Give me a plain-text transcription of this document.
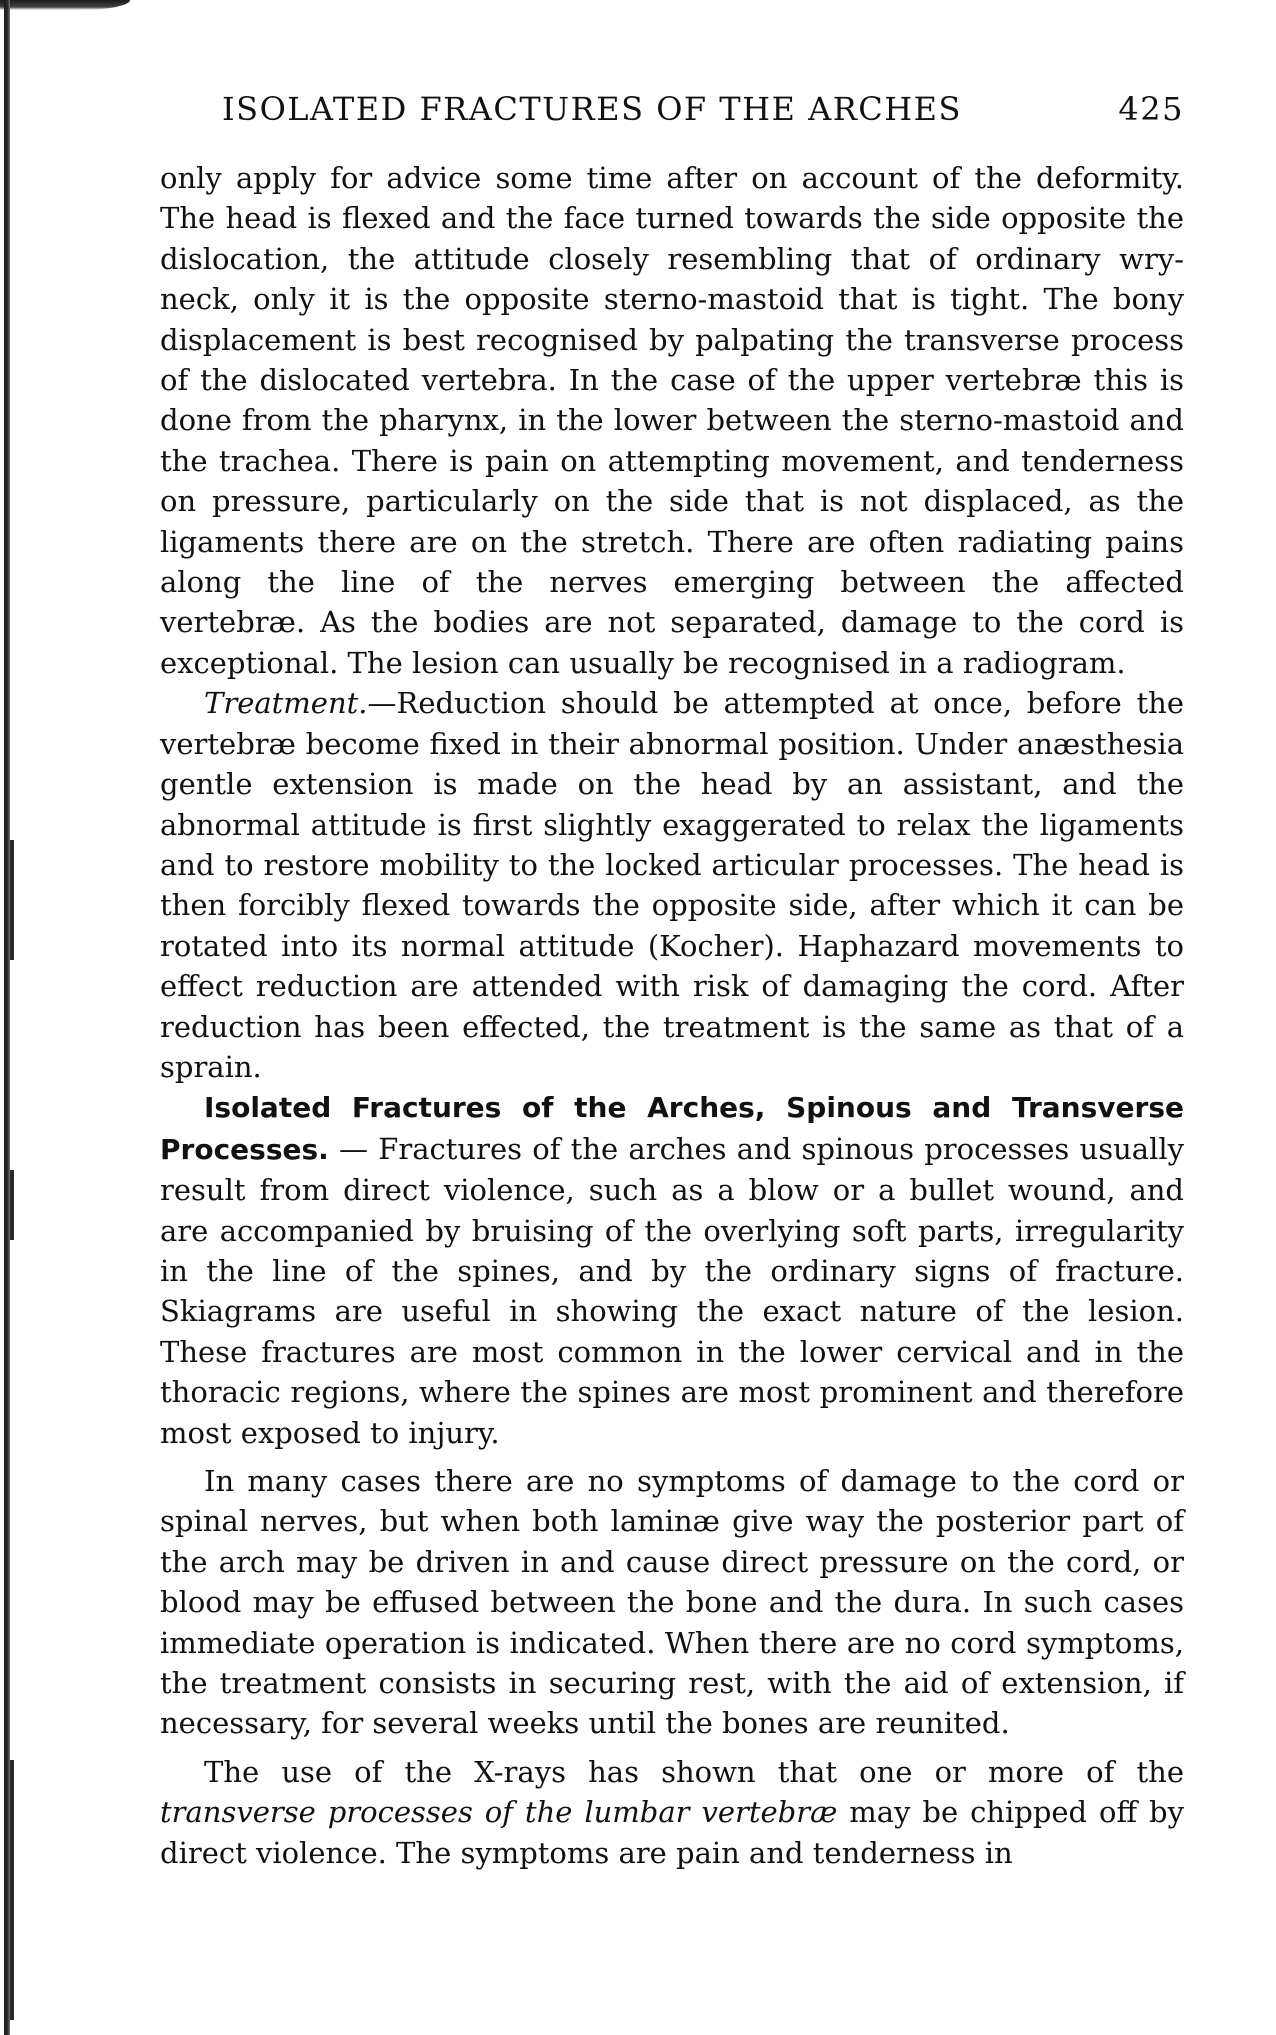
ISOLATED FRACTURES OF THE ARCHES	425

only apply for advice some time after on account of the deformity. The head is flexed and the face turned towards the side opposite the dislocation, the attitude closely resembling that of ordinary wry-neck, only it is the opposite sterno-mastoid that is tight. The bony displacement is best recognised by palpating the transverse process of the dislocated vertebra. In the case of the upper vertebræ this is done from the pharynx, in the lower between the sterno-mastoid and the trachea. There is pain on attempting movement, and tenderness on pressure, particularly on the side that is not displaced, as the ligaments there are on the stretch. There are often radiating pains along the line of the nerves emerging between the affected vertebræ. As the bodies are not separated, damage to the cord is exceptional. The lesion can usually be recognised in a radiogram.

Treatment.—Reduction should be attempted at once, before the vertebræ become fixed in their abnormal position. Under anæsthesia gentle extension is made on the head by an assistant, and the abnormal attitude is first slightly exaggerated to relax the ligaments and to restore mobility to the locked articular processes. The head is then forcibly flexed towards the opposite side, after which it can be rotated into its normal attitude (Kocher). Haphazard movements to effect reduction are attended with risk of damaging the cord. After reduction has been effected, the treatment is the same as that of a sprain.

Isolated Fractures of the Arches, Spinous and Transverse Processes. — Fractures of the arches and spinous processes usually result from direct violence, such as a blow or a bullet wound, and are accompanied by bruising of the overlying soft parts, irregularity in the line of the spines, and by the ordinary signs of fracture. Skiagrams are useful in showing the exact nature of the lesion. These fractures are most common in the lower cervical and in the thoracic regions, where the spines are most prominent and therefore most exposed to injury.

In many cases there are no symptoms of damage to the cord or spinal nerves, but when both laminæ give way the posterior part of the arch may be driven in and cause direct pressure on the cord, or blood may be effused between the bone and the dura. In such cases immediate operation is indicated. When there are no cord symptoms, the treatment consists in securing rest, with the aid of extension, if necessary, for several weeks until the bones are reunited.

The use of the X-rays has shown that one or more of the transverse processes of the lumbar vertebræ may be chipped off by direct violence. The symptoms are pain and tenderness in
